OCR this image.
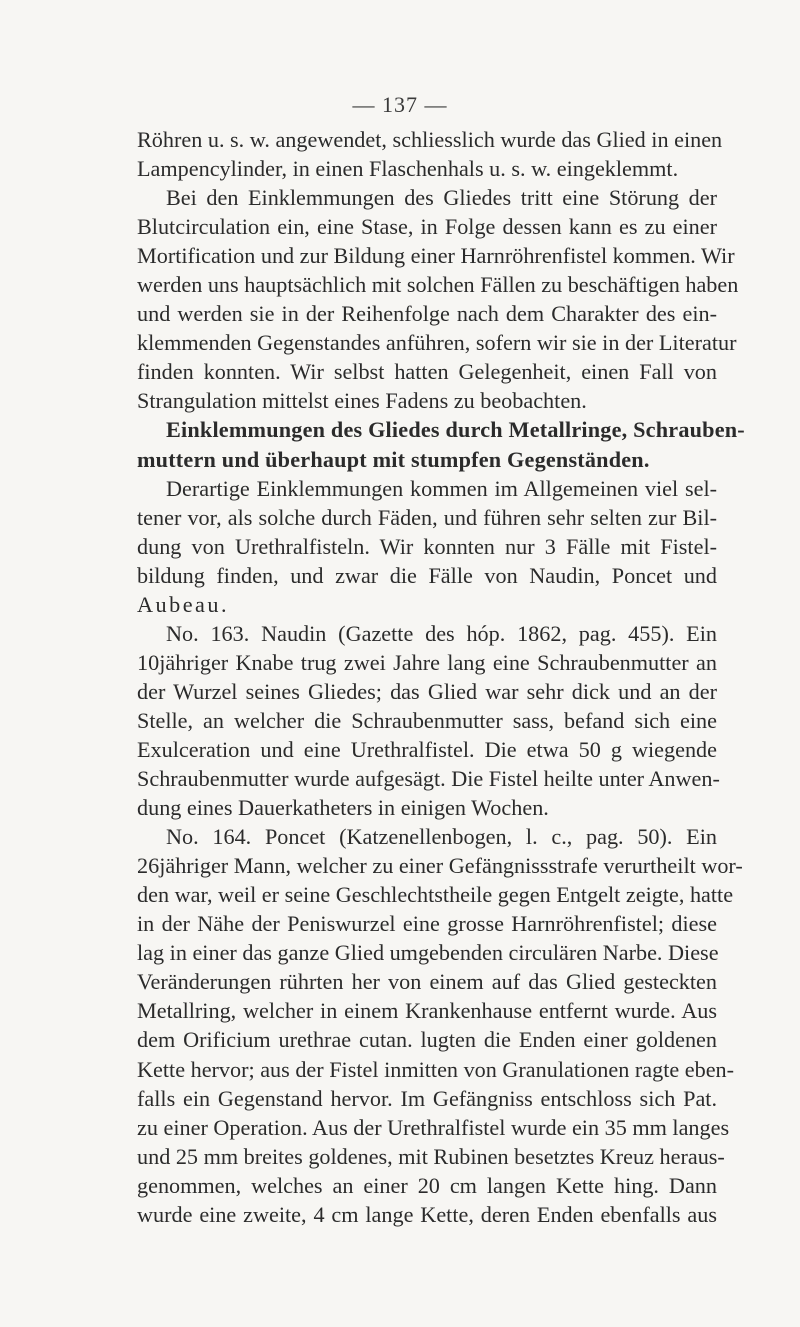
— 137 —
Röhren u. s. w. angewendet, schliesslich wurde das Glied in einen
Lampencylinder, in einen Flaschenhals u. s. w. eingeklemmt.
Bei den Einklemmungen des Gliedes tritt eine Störung der
Blutcirculation ein, eine Stase, in Folge dessen kann es zu einer
Mortification und zur Bildung einer Harnröhrenfistel kommen. Wir
werden uns hauptsächlich mit solchen Fällen zu beschäftigen haben
und werden sie in der Reihenfolge nach dem Charakter des ein-
klemmenden Gegenstandes anführen, sofern wir sie in der Literatur
finden konnten. Wir selbst hatten Gelegenheit, einen Fall von
Strangulation mittelst eines Fadens zu beobachten.
Einklemmungen des Gliedes durch Metallringe, Schrauben-
muttern und überhaupt mit stumpfen Gegenständen.
Derartige Einklemmungen kommen im Allgemeinen viel sel-
tener vor, als solche durch Fäden, und führen sehr selten zur Bil-
dung von Urethralfisteln. Wir konnten nur 3 Fälle mit Fistel-
bildung finden, und zwar die Fälle von Naudin, Poncet und
Aubeau.
No. 163. Naudin (Gazette des hóp. 1862, pag. 455). Ein
10jähriger Knabe trug zwei Jahre lang eine Schraubenmutter an
der Wurzel seines Gliedes; das Glied war sehr dick und an der
Stelle, an welcher die Schraubenmutter sass, befand sich eine
Exulceration und eine Urethralfistel. Die etwa 50 g wiegende
Schraubenmutter wurde aufgesägt. Die Fistel heilte unter Anwen-
dung eines Dauerkatheters in einigen Wochen.
No. 164. Poncet (Katzenellenbogen, l. c., pag. 50). Ein
26jähriger Mann, welcher zu einer Gefängnissstrafe verurtheilt wor-
den war, weil er seine Geschlechtstheile gegen Entgelt zeigte, hatte
in der Nähe der Peniswurzel eine grosse Harnröhrenfistel; diese
lag in einer das ganze Glied umgebenden circulären Narbe. Diese
Veränderungen rührten her von einem auf das Glied gesteckten
Metallring, welcher in einem Krankenhause entfernt wurde. Aus
dem Orificium urethrae cutan. lugten die Enden einer goldenen
Kette hervor; aus der Fistel inmitten von Granulationen ragte eben-
falls ein Gegenstand hervor. Im Gefängniss entschloss sich Pat.
zu einer Operation. Aus der Urethralfistel wurde ein 35 mm langes
und 25 mm breites goldenes, mit Rubinen besetztes Kreuz heraus-
genommen, welches an einer 20 cm langen Kette hing. Dann
wurde eine zweite, 4 cm lange Kette, deren Enden ebenfalls aus
